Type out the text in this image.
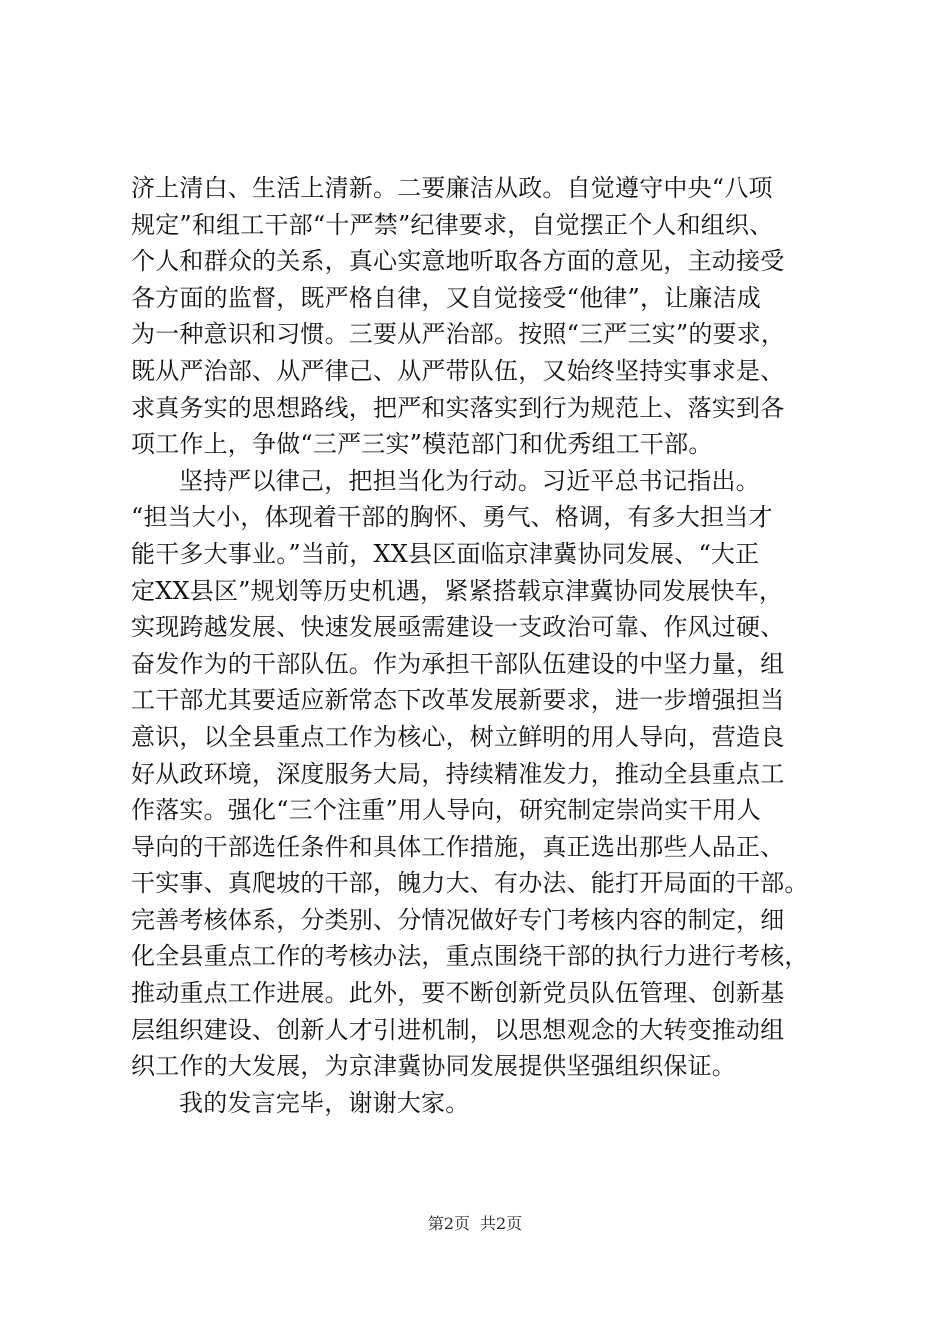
济上清白、生活上清新。二要廉洁从政。自觉遵守中央“八项
规定”和组工干部“十严禁”纪律要求，自觉摆正个人和组织、
个人和群众的关系，真心实意地听取各方面的意见，主动接受
各方面的监督，既严格自律，又自觉接受“他律”，让廉洁成
为一种意识和习惯。三要从严治部。按照“三严三实”的要求，
既从严治部、从严律己、从严带队伍，又始终坚持实事求是、
求真务实的思想路线，把严和实落实到行为规范上、落实到各
项工作上，争做“三严三实”模范部门和优秀组工干部。
坚持严以律己，把担当化为行动。习近平总书记指出。
“担当大小，体现着干部的胸怀、勇气、格调，有多大担当才
能干多大事业。”当前，XX县区面临京津冀协同发展、“大正
定XX县区”规划等历史机遇，紧紧搭载京津冀协同发展快车，
实现跨越发展、快速发展亟需建设一支政治可靠、作风过硬、
奋发作为的干部队伍。作为承担干部队伍建设的中坚力量，组
工干部尤其要适应新常态下改革发展新要求，进一步增强担当
意识，以全县重点工作为核心，树立鲜明的用人导向，营造良
好从政环境，深度服务大局，持续精准发力，推动全县重点工
作落实。强化“三个注重”用人导向，研究制定崇尚实干用人
导向的干部选任条件和具体工作措施，真正选出那些人品正、
干实事、真爬坡的干部，魄力大、有办法、能打开局面的干部。
完善考核体系，分类别、分情况做好专门考核内容的制定，细
化全县重点工作的考核办法，重点围绕干部的执行力进行考核，
推动重点工作进展。此外，要不断创新党员队伍管理、创新基
层组织建设、创新人才引进机制，以思想观念的大转变推动组
织工作的大发展，为京津冀协同发展提供坚强组织保证。
我的发言完毕，谢谢大家。
第2页 共2页
